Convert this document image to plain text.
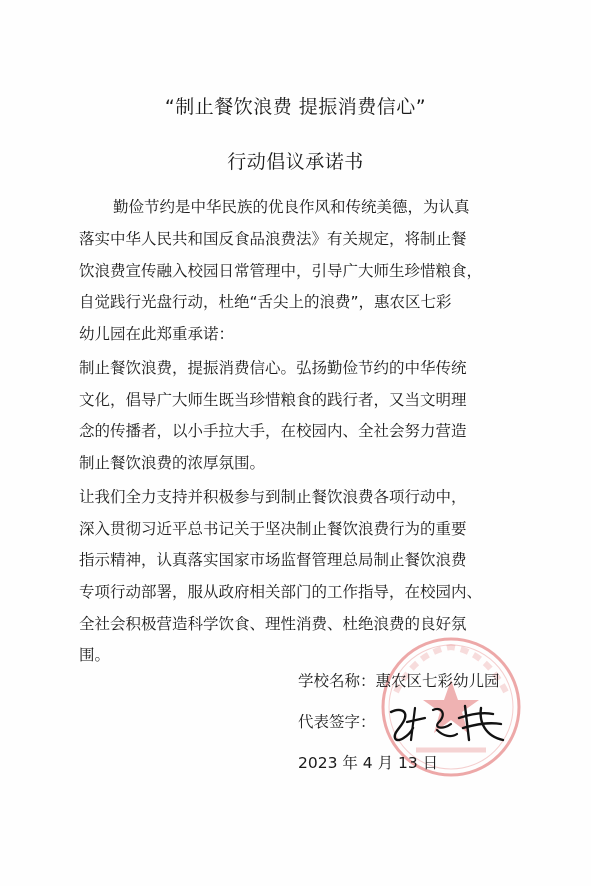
“制止餐饮浪费 提振消费信心”
行动倡议承诺书
勤俭节约是中华民族的优良作风和传统美德，为认真
落实中华人民共和国反食品浪费法》有关规定，将制止餐
饮浪费宣传融入校园日常管理中，引导广大师生珍惜粮食，
自觉践行光盘行动，杜绝“舌尖上的浪费”，惠农区七彩
幼儿园在此郑重承诺：
制止餐饮浪费，提振消费信心。弘扬勤俭节约的中华传统
文化，倡导广大师生既当珍惜粮食的践行者，又当文明理
念的传播者，以小手拉大手，在校园内、全社会努力营造
制止餐饮浪费的浓厚氛围。
让我们全力支持并积极参与到制止餐饮浪费各项行动中，
深入贯彻习近平总书记关于坚决制止餐饮浪费行为的重要
指示精神，认真落实国家市场监督管理总局制止餐饮浪费
专项行动部署，服从政府相关部门的工作指导，在校园内、
全社会积极营造科学饮食、理性消费、杜绝浪费的良好氛
围。
学校名称：惠农区七彩幼儿园
代表签字：
2023 年 4 月 13 日
